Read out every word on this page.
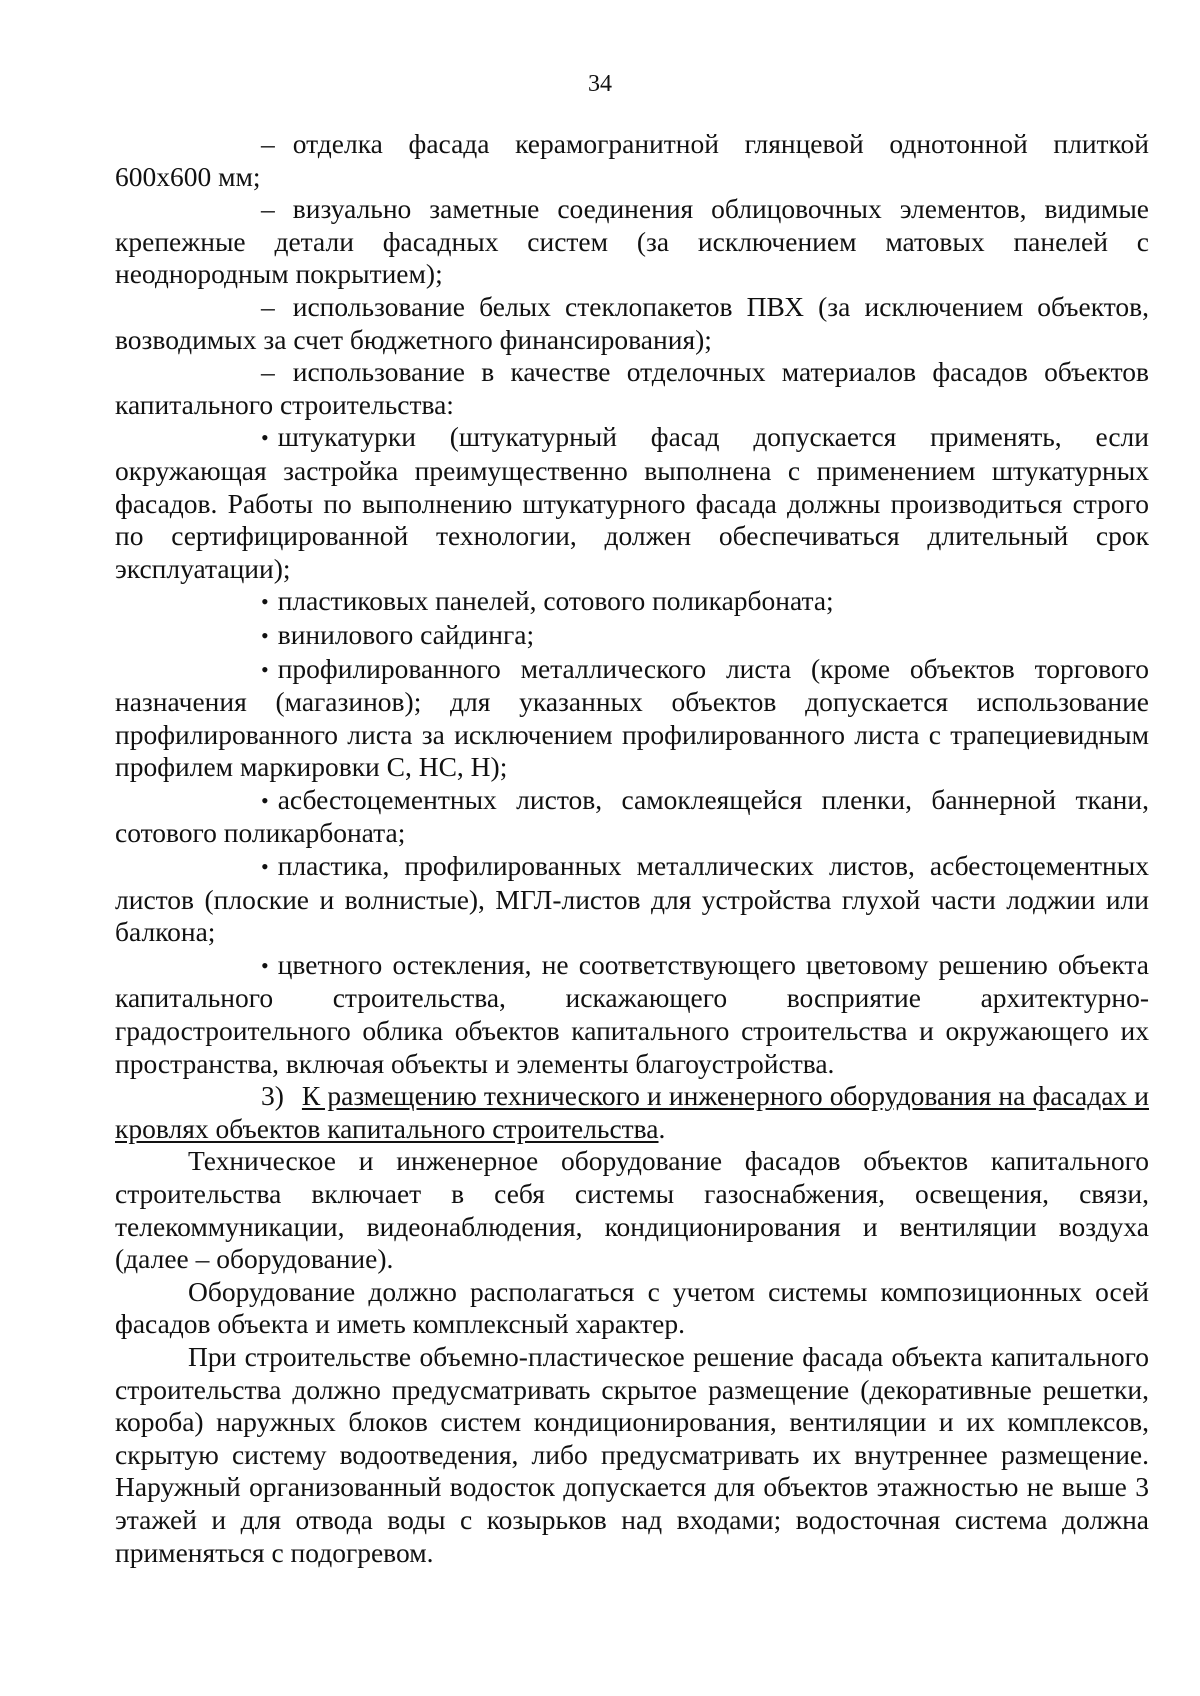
34

– отделка фасада керамогранитной глянцевой однотонной плиткой 600х600 мм;

– визуально заметные соединения облицовочных элементов, видимые крепежные детали фасадных систем (за исключением матовых панелей с неоднородным покрытием);

– использование белых стеклопакетов ПВХ (за исключением объектов, возводимых за счет бюджетного финансирования);

– использование в качестве отделочных материалов фасадов объектов капитального строительства:

• штукатурки (штукатурный фасад допускается применять, если окружающая застройка преимущественно выполнена с применением штукатурных фасадов. Работы по выполнению штукатурного фасада должны производиться строго по сертифицированной технологии, должен обеспечиваться длительный срок эксплуатации);

• пластиковых панелей, сотового поликарбоната;

• винилового сайдинга;

• профилированного металлического листа (кроме объектов торгового назначения (магазинов); для указанных объектов допускается использование профилированного листа за исключением профилированного листа с трапециевидным профилем маркировки С, НС, Н);

• асбестоцементных листов, самоклеящейся пленки, баннерной ткани, сотового поликарбоната;

• пластика, профилированных металлических листов, асбестоцементных листов (плоские и волнистые), МГЛ-листов для устройства глухой части лоджии или балкона;

• цветного остекления, не соответствующего цветовому решению объекта капитального строительства, искажающего восприятие архитектурно-градостроительного облика объектов капитального строительства и окружающего их пространства, включая объекты и элементы благоустройства.

3) К размещению технического и инженерного оборудования на фасадах и кровлях объектов капитального строительства.

Техническое и инженерное оборудование фасадов объектов капитального строительства включает в себя системы газоснабжения, освещения, связи, телекоммуникации, видеонаблюдения, кондиционирования и вентиляции воздуха (далее – оборудование).

Оборудование должно располагаться с учетом системы композиционных осей фасадов объекта и иметь комплексный характер.

При строительстве объемно-пластическое решение фасада объекта капитального строительства должно предусматривать скрытое размещение (декоративные решетки, короба) наружных блоков систем кондиционирования, вентиляции и их комплексов, скрытую систему водоотведения, либо предусматривать их внутреннее размещение. Наружный организованный водосток допускается для объектов этажностью не выше 3 этажей и для отвода воды с козырьков над входами; водосточная система должна применяться с подогревом.
